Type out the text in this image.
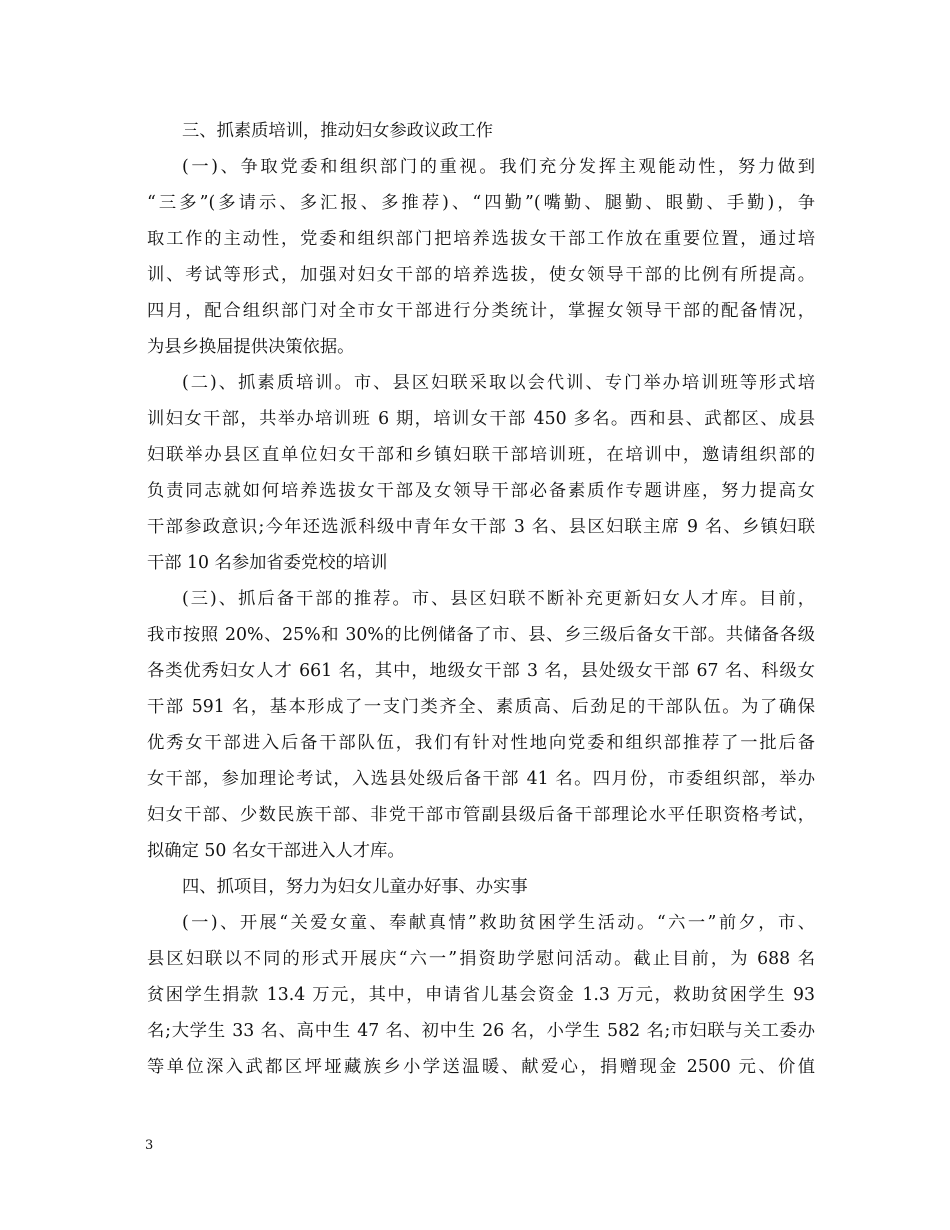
三、抓素质培训，推动妇女参政议政工作
(一)、争取党委和组织部门的重视。我们充分发挥主观能动性，努力做到
“三多”(多请示、多汇报、多推荐)、“四勤”(嘴勤、腿勤、眼勤、手勤)，争
取工作的主动性，党委和组织部门把培养选拔女干部工作放在重要位置，通过培
训、考试等形式，加强对妇女干部的培养选拔，使女领导干部的比例有所提高。
四月，配合组织部门对全市女干部进行分类统计，掌握女领导干部的配备情况，
为县乡换届提供决策依据。
(二)、抓素质培训。市、县区妇联采取以会代训、专门举办培训班等形式培
训妇女干部，共举办培训班 6 期，培训女干部 450 多名。西和县、武都区、成县
妇联举办县区直单位妇女干部和乡镇妇联干部培训班，在培训中，邀请组织部的
负责同志就如何培养选拔女干部及女领导干部必备素质作专题讲座，努力提高女
干部参政意识;今年还选派科级中青年女干部 3 名、县区妇联主席 9 名、乡镇妇联
干部 10 名参加省委党校的培训
(三)、抓后备干部的推荐。市、县区妇联不断补充更新妇女人才库。目前，
我市按照 20%、25%和 30%的比例储备了市、县、乡三级后备女干部。共储备各级
各类优秀妇女人才 661 名，其中，地级女干部 3 名，县处级女干部 67 名、科级女
干部 591 名，基本形成了一支门类齐全、素质高、后劲足的干部队伍。为了确保
优秀女干部进入后备干部队伍，我们有针对性地向党委和组织部推荐了一批后备
女干部，参加理论考试，入选县处级后备干部 41 名。四月份，市委组织部，举办
妇女干部、少数民族干部、非党干部市管副县级后备干部理论水平任职资格考试，
拟确定 50 名女干部进入人才库。
四、抓项目，努力为妇女儿童办好事、办实事
(一)、开展“关爱女童、奉献真情”救助贫困学生活动。“六一”前夕，市、
县区妇联以不同的形式开展庆“六一”捐资助学慰问活动。截止目前，为 688 名
贫困学生捐款 13.4 万元，其中，申请省儿基会资金 1.3 万元，救助贫困学生 93
名;大学生 33 名、高中生 47 名、初中生 26 名，小学生 582 名;市妇联与关工委办
等单位深入武都区坪垭藏族乡小学送温暖、献爱心，捐赠现金 2500 元、价值
3
